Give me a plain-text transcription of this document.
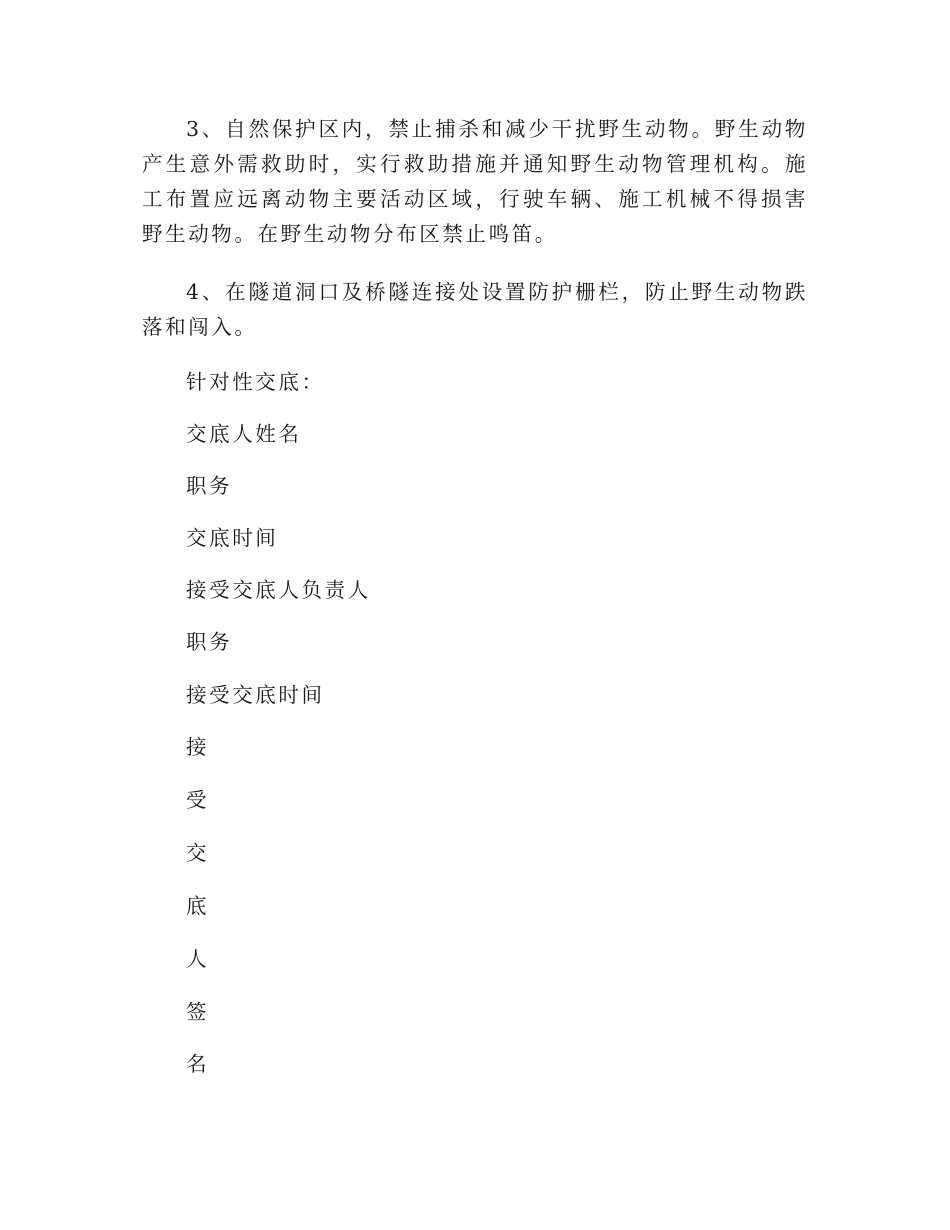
3、自然保护区内，禁止捕杀和减少干扰野生动物。野生动物产生意外需救助时，实行救助措施并通知野生动物管理机构。施工布置应远离动物主要活动区域，行驶车辆、施工机械不得损害野生动物。在野生动物分布区禁止鸣笛。

4、在隧道洞口及桥隧连接处设置防护栅栏，防止野生动物跌落和闯入。

针对性交底：

交底人姓名

职务

交底时间

接受交底人负责人

职务

接受交底时间

接

受

交

底

人

签

名
